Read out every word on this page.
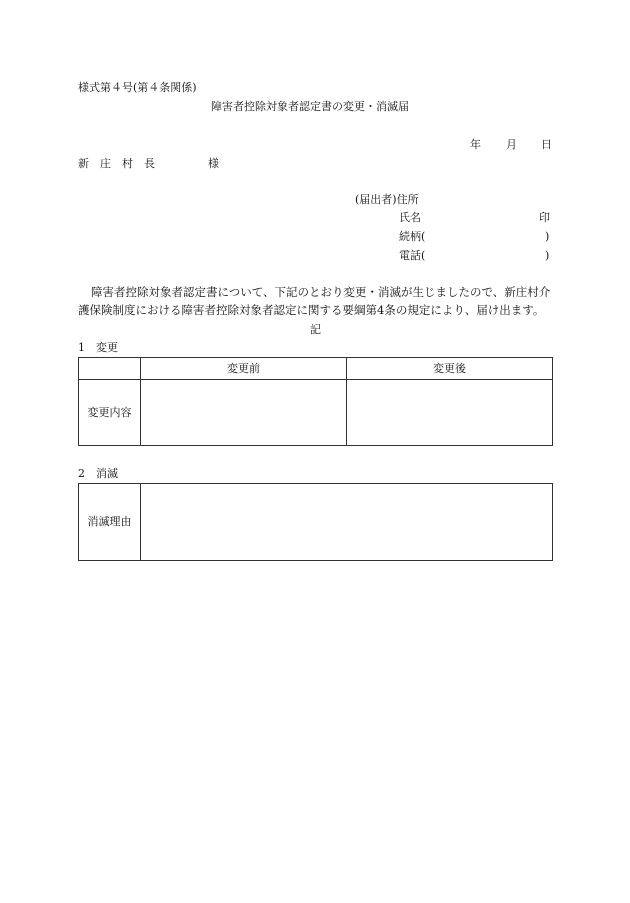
様式第４号(第４条関係)
障害者控除対象者認定書の変更・消滅届
年 月 日
新　庄　村　長	様
(届出者)住所
氏名	印
続柄(	)
電話(	)
障害者控除対象者認定書について、下記のとおり変更・消滅が生じましたので、新庄村介
護保険制度における障害者控除対象者認定に関する要綱第4条の規定により、届け出ます。
記
1　変更
	変更前	変更後
変更内容		
2　消滅
消滅理由	
